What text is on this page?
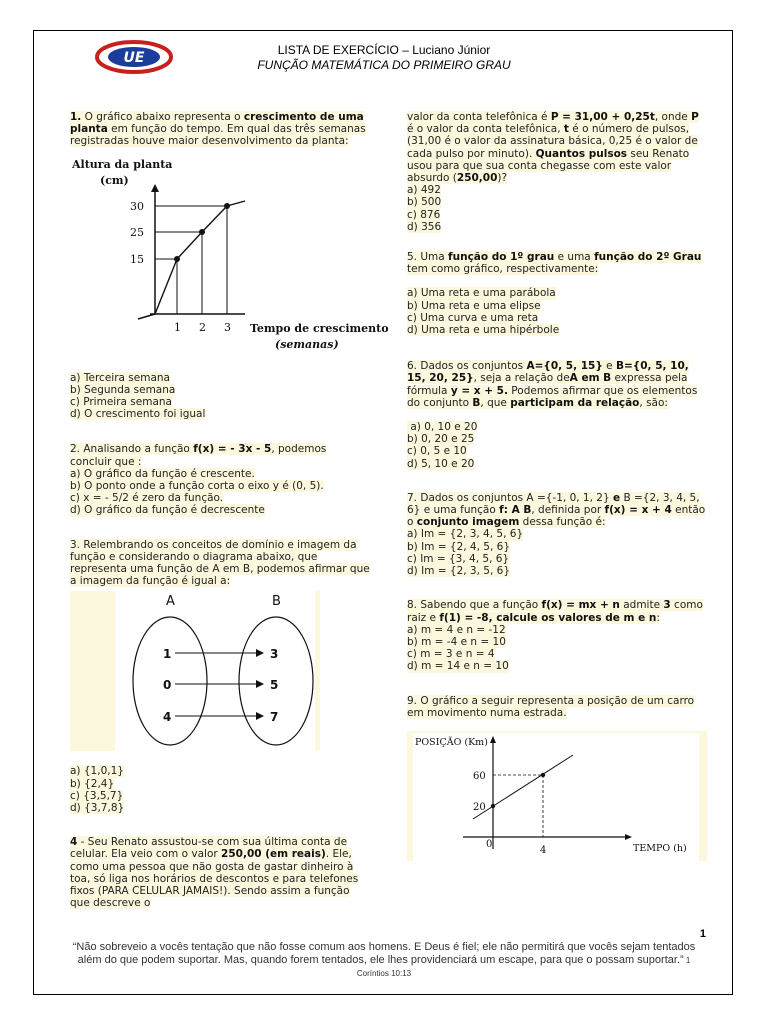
UE	LISTA DE EXERCÍCIO – Luciano Júnior
FUNÇÃO MATEMÁTICA DO PRIMEIRO GRAU

1. O gráfico abaixo representa o crescimento de uma planta em função do tempo. Em qual das três semanas registradas houve maior desenvolvimento da planta:

Altura da planta
(cm)
30
25
15
1 2 3 Tempo de crescimento
(semanas)
a) Terceira semana
b) Segunda semana
c) Primeira semana
d) O crescimento foi igual

2. Analisando a função f(x) = - 3x - 5, podemos concluir que :

a) O gráfico da função é crescente.
b) O ponto onde a função corta o eixo y é (0, 5).
c) x = - 5/2 é zero da função.
d) O gráfico da função é decrescente

3. Relembrando os conceitos de domínio e imagem da função e considerando o diagrama abaixo, que representa uma função de A em B, podemos afirmar que a imagem da função é igual a:

A	B
1
0
4
3
5
7
a) {1,0,1}
b) {2,4}
c) {3,5,7}
d) {3,7,8}

4 - Seu Renato assustou-se com sua última conta de celular. Ela veio com o valor 250,00 (em reais). Ele, como uma pessoa que não gosta de gastar dinheiro à toa, só liga nos horários de descontos e para telefones fixos (PARA CELULAR JAMAIS!). Sendo assim a função que descreve o

valor da conta telefônica é P = 31,00 + 0,25t, onde P é o valor da conta telefônica, t é o número de pulsos, (31,00 é o valor da assinatura básica, 0,25 é o valor de cada pulso por minuto). Quantos pulsos seu Renato usou para que sua conta chegasse com este valor absurdo (250,00)?

a) 492
b) 500
c) 876
d) 356

5. Uma função do 1º grau e uma função do 2º Grau tem como gráfico, respectivamente:

a) Uma reta e uma parábola
b) Uma reta e uma elipse
c) Uma curva e uma reta
d) Uma reta e uma hipérbole

6. Dados os conjuntos A={0, 5, 15} e B={0, 5, 10, 15, 20, 25}, seja a relação deA em B expressa pela fórmula y = x + 5. Podemos afirmar que os elementos do conjunto B, que participam da relação, são:

a) 0, 10 e 20
b) 0, 20 e 25
c) 0, 5 e 10
d) 5, 10 e 20

7. Dados os conjuntos A ={-1, 0, 1, 2} e B ={2, 3, 4, 5, 6} e uma função f: A B, definida por f(x) = x + 4 então o conjunto imagem dessa função é:

a) Im = {2, 3, 4, 5, 6}
b) Im = {2, 4, 5, 6}
c) Im = {3, 4, 5, 6}
d) Im = {2, 3, 5, 6}

8. Sabendo que a função f(x) = mx + n admite 3 como raiz e f(1) = -8, calcule os valores de m e n:

a) m = 4 e n = -12
b) m = -4 e n = 10
c) m = 3 e n = 4
d) m = 14 e n = 10

9. O gráfico a seguir representa a posição de um carro em movimento numa estrada.

POSIÇÃO (Km)
60
20
0
4	TEMPO (h)
1
“Não sobreveio a vocês tentação que não fosse comum aos homens. E Deus é fiel; ele não permitirá que vocês sejam tentados além do que podem suportar. Mas, quando forem tentados, ele lhes providenciará um escape, para que o possam suportar.” 1 Coríntios 10:13
